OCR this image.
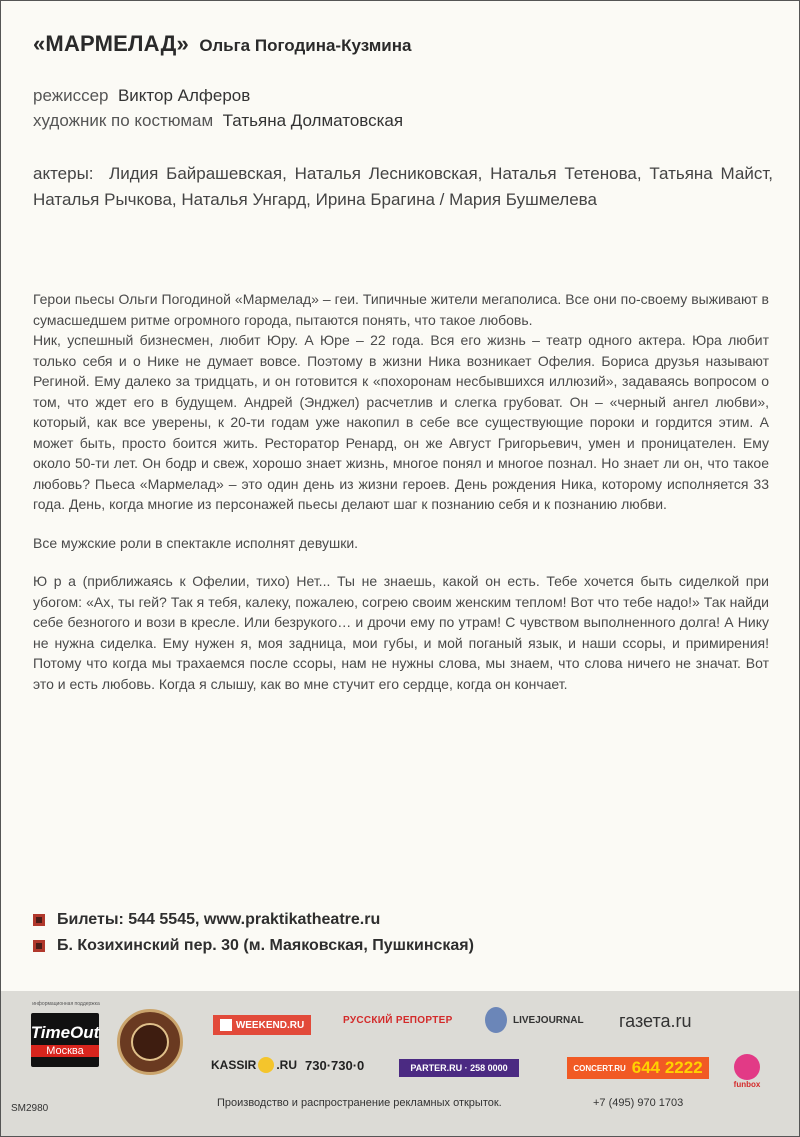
«МАРМЕЛАД» Ольга Погодина-Кузмина
режиссер Виктор Алферов
художник по костюмам Татьяна Долматовская
актеры: Лидия Байрашевская, Наталья Лесниковская, Наталья Тетенова, Татьяна Майст, Наталья Рычкова, Наталья Унгард, Ирина Брагина / Мария Бушмелева

Герои пьесы Ольги Погодиной «Мармелад» – геи. Типичные жители мегаполиса. Все они по-своему выживают в сумасшедшем ритме огромного города, пытаются понять, что такое любовь.

Ник, успешный бизнесмен, любит Юру. А Юре – 22 года. Вся его жизнь – театр одного актера. Юра любит только себя и о Нике не думает вовсе. Поэтому в жизни Ника возникает Офелия. Бориса друзья называют Региной. Ему далеко за тридцать, и он готовится к «похоронам несбывшихся иллюзий», задаваясь вопросом о том, что ждет его в будущем. Андрей (Энджел) расчетлив и слегка грубоват. Он – «черный ангел любви», который, как все уверены, к 20-ти годам уже накопил в себе все существующие пороки и гордится этим. А может быть, просто боится жить. Ресторатор Ренард, он же Август Григорьевич, умен и проницателен. Ему около 50-ти лет. Он бодр и свеж, хорошо знает жизнь, многое понял и многое познал. Но знает ли он, что такое любовь? Пьеса «Мармелад» – это один день из жизни героев. День рождения Ника, которому исполняется 33 года. День, когда многие из персонажей пьесы делают шаг к познанию себя и к познанию любви.

Все мужские роли в спектакле исполнят девушки.

Ю р а (приближаясь к Офелии, тихо) Нет... Ты не знаешь, какой он есть. Тебе хочется быть сиделкой при убогом: «Ах, ты гей? Так я тебя, калеку, пожалею, согрею своим женским теплом! Вот что тебе надо!» Так найди себе безногого и вози в кресле. Или безрукого… и дрочи ему по утрам! С чувством выполненного долга! А Нику не нужна сиделка. Ему нужен я, моя задница, мои губы, и мой поганый язык, и наши ссоры, и примирения! Потому что когда мы трахаемся после ссоры, нам не нужны слова, мы знаем, что слова ничего не значат. Вот это и есть любовь. Когда я слышу, как во мне стучит его сердце, когда он кончает.

Билеты: 544 5545, www.praktikatheatre.ru
Б. Козихинский пер. 30 (м. Маяковская, Пушкинская)
информационная поддержка
TimeOut
Москва
WEEKEND.RU	РУССКИЙ РЕПОРТЕР	LIVEJOURNAL газета.ru
KASSIR .RU 730·730·0	PARTER.RU · 258 0000	CONCERT.RU 644 2222
funbox
SM2980	Производство и распространение рекламных открыток.	+7 (495) 970 1703
